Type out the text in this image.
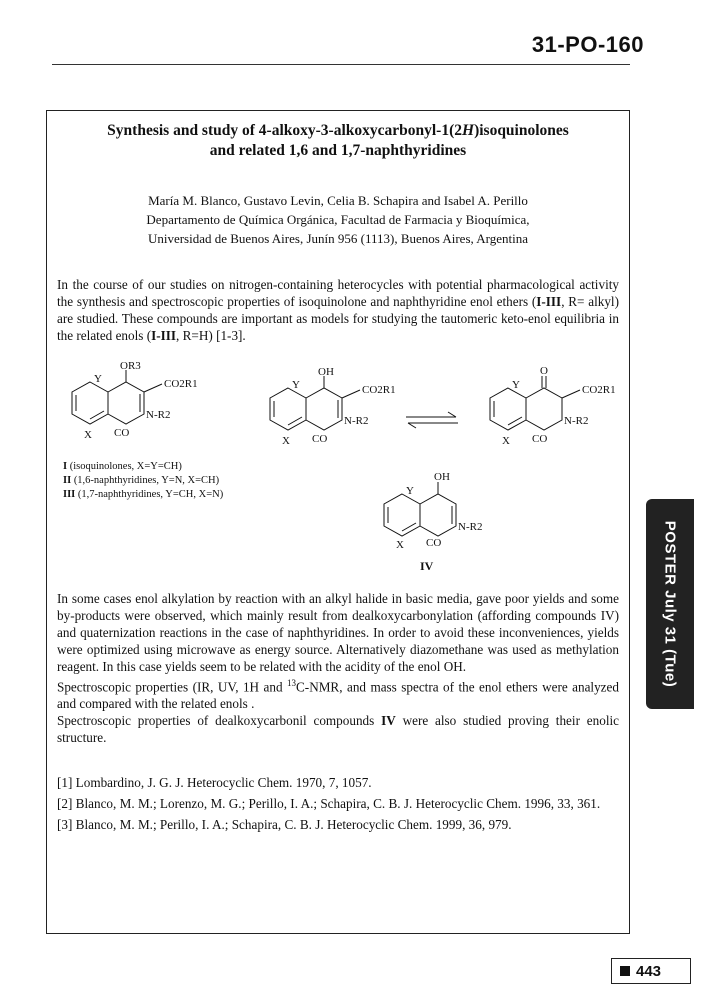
31-PO-160
Synthesis and study of 4-alkoxy-3-alkoxycarbonyl-1(2H)isoquinolones
and related 1,6 and 1,7-naphthyridines
María M. Blanco, Gustavo Levin, Celia B. Schapira and Isabel A. Perillo
Departamento de Química Orgánica, Facultad de Farmacia y Bioquímica,
Universidad de Buenos Aires, Junín 956 (1113), Buenos Aires, Argentina

In the course of our studies on nitrogen-containing heterocycles with potential pharmacological activity the synthesis and spectroscopic properties of isoquinolone and naphthyridine enol ethers (I-III, R= alkyl) are studied. These compounds are important as models for studying the tautomeric keto-enol equilibria in the related enols (I-III, R=H) [1-3].

OR3
CO2R1
N-R2
CO
Y
X
OH
CO2R1
N-R2
CO
Y
X
O
CO2R1
N-R2
CO
Y
X
I (isoquinolones, X=Y=CH)
II (1,6-naphthyridines, Y=N, X=CH)
III (1,7-naphthyridines, Y=CH, X=N)
OH
N-R2
CO
Y
X
IV

In some cases enol alkylation by reaction with an alkyl halide in basic media, gave poor yields and some by-products were observed, which mainly result from dealkoxycarbonylation (affording compounds IV) and quaternization reactions in the case of naphthyridines. In order to avoid these inconveniences, yields were optimized using microwave as energy source. Alternatively diazomethane was used as methylation reagent. In this case yields seem to be related with the acidity of the enol OH.

Spectroscopic properties (IR, UV, 1H and $^{13}$C-NMR, and mass spectra of the enol ethers were analyzed and compared with the related enols .

Spectroscopic properties of dealkoxycarbonil compounds IV were also studied proving their enolic structure.

[1] Lombardino, J. G. J. Heterocyclic Chem. 1970, 7, 1057.

[2] Blanco, M. M.; Lorenzo, M. G.; Perillo, I. A.; Schapira, C. B. J. Heterocyclic Chem. 1996, 33, 361.

[3] Blanco, M. M.; Perillo, I. A.; Schapira, C. B. J. Heterocyclic Chem. 1999, 36, 979.

POSTER July 31 (Tue)
443
